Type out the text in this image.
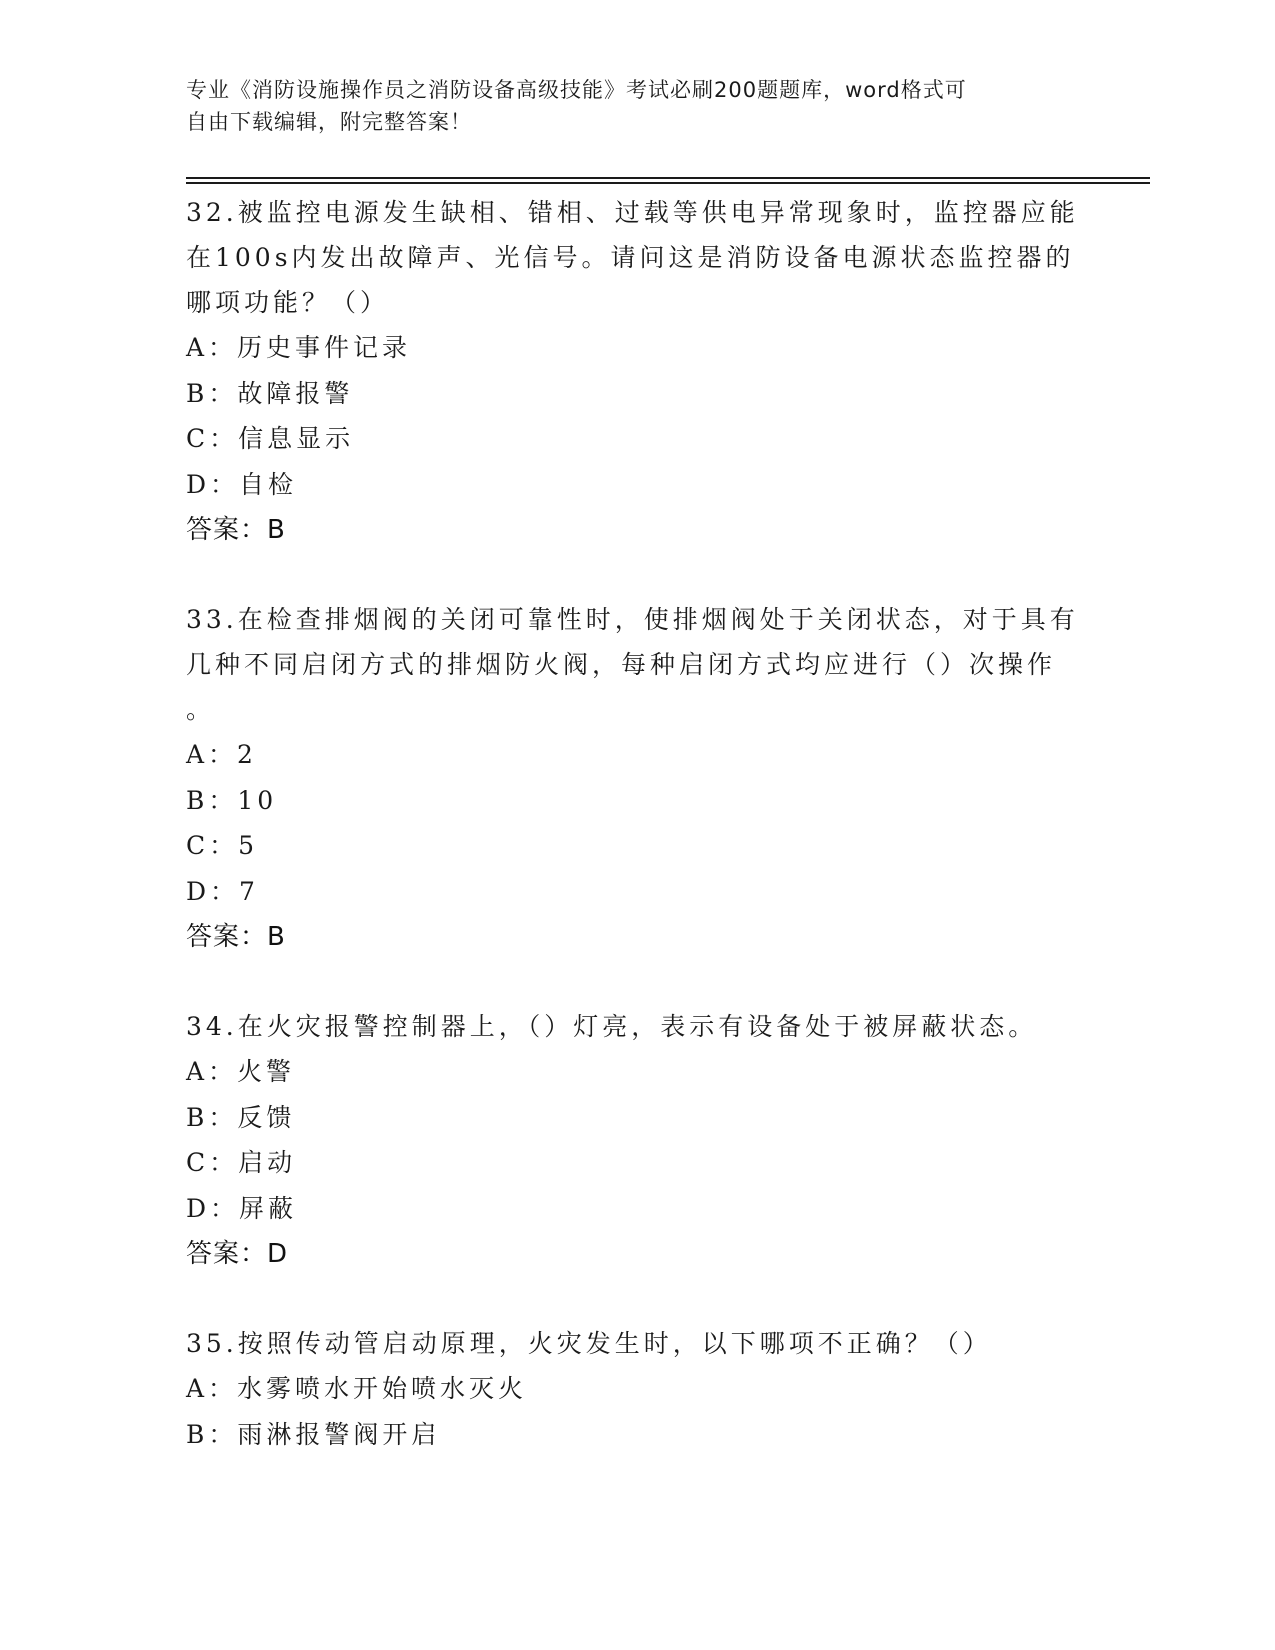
专业《消防设施操作员之消防设备高级技能》考试必刷200题题库，word格式可
自由下载编辑，附完整答案！
32.被监控电源发生缺相、错相、过载等供电异常现象时，监控器应能
在100s内发出故障声、光信号。请问这是消防设备电源状态监控器的
哪项功能？（）
A：历史事件记录
B：故障报警
C：信息显示
D：自检
答案：B
33.在检查排烟阀的关闭可靠性时，使排烟阀处于关闭状态，对于具有
几种不同启闭方式的排烟防火阀，每种启闭方式均应进行（）次操作
。
A：2
B：10
C：5
D：7
答案：B
34.在火灾报警控制器上，（）灯亮，表示有设备处于被屏蔽状态。
A：火警
B：反馈
C：启动
D：屏蔽
答案：D
35.按照传动管启动原理，火灾发生时，以下哪项不正确？（）
A：水雾喷水开始喷水灭火
B：雨淋报警阀开启
